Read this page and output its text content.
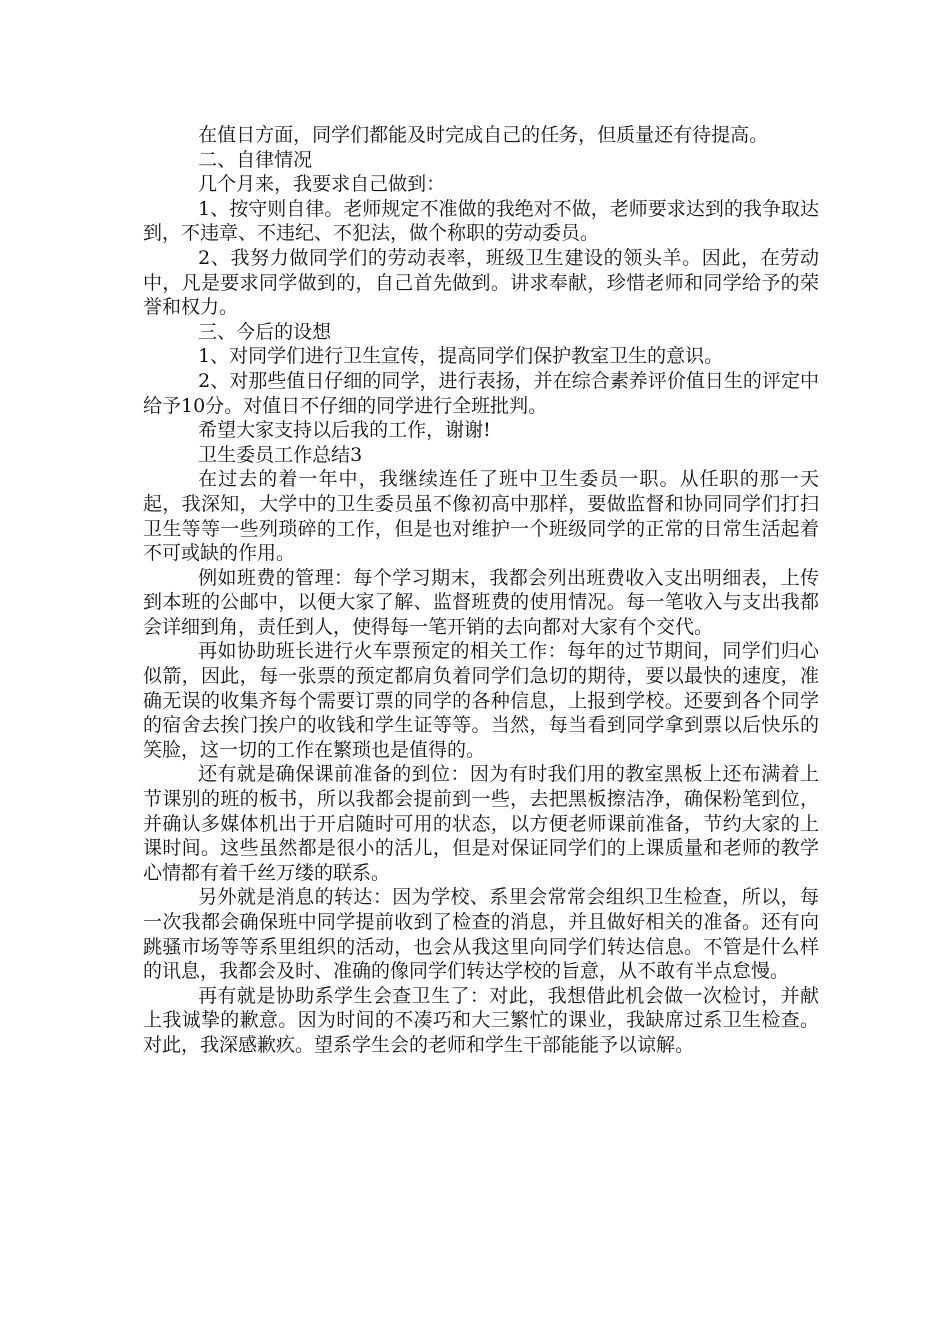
在值日方面，同学们都能及时完成自己的任务，但质量还有待提高。

二、自律情况

几个月来，我要求自己做到：

1、按守则自律。老师规定不准做的我绝对不做，老师要求达到的我争取达到，不违章、不违纪、不犯法，做个称职的劳动委员。

2、我努力做同学们的劳动表率，班级卫生建设的领头羊。因此，在劳动中，凡是要求同学做到的，自己首先做到。讲求奉献，珍惜老师和同学给予的荣誉和权力。

三、今后的设想

1、对同学们进行卫生宣传，提高同学们保护教室卫生的意识。

2、对那些值日仔细的同学，进行表扬，并在综合素养评价值日生的评定中给予10分。对值日不仔细的同学进行全班批判。

希望大家支持以后我的工作，谢谢!

卫生委员工作总结3

在过去的着一年中，我继续连任了班中卫生委员一职。从任职的那一天起，我深知，大学中的卫生委员虽不像初高中那样，要做监督和协同同学们打扫卫生等等一些列琐碎的工作，但是也对维护一个班级同学的正常的日常生活起着不可或缺的作用。

例如班费的管理：每个学习期末，我都会列出班费收入支出明细表，上传到本班的公邮中，以便大家了解、监督班费的使用情况。每一笔收入与支出我都会详细到角，责任到人，使得每一笔开销的去向都对大家有个交代。

再如协助班长进行火车票预定的相关工作：每年的过节期间，同学们归心似箭，因此，每一张票的预定都肩负着同学们急切的期待，要以最快的速度，准确无误的收集齐每个需要订票的同学的各种信息，上报到学校。还要到各个同学的宿舍去挨门挨户的收钱和学生证等等。当然，每当看到同学拿到票以后快乐的笑脸，这一切的工作在繁琐也是值得的。

还有就是确保课前准备的到位：因为有时我们用的教室黑板上还布满着上节课别的班的板书，所以我都会提前到一些，去把黑板擦洁净，确保粉笔到位，并确认多媒体机出于开启随时可用的状态，以方便老师课前准备，节约大家的上课时间。这些虽然都是很小的活儿，但是对保证同学们的上课质量和老师的教学心情都有着千丝万缕的联系。

另外就是消息的转达：因为学校、系里会常常会组织卫生检查，所以，每一次我都会确保班中同学提前收到了检查的消息，并且做好相关的准备。还有向跳骚市场等等系里组织的活动，也会从我这里向同学们转达信息。不管是什么样的讯息，我都会及时、准确的像同学们转达学校的旨意，从不敢有半点怠慢。

再有就是协助系学生会查卫生了：对此，我想借此机会做一次检讨，并献上我诚挚的歉意。因为时间的不凑巧和大三繁忙的课业，我缺席过系卫生检查。对此，我深感歉疚。望系学生会的老师和学生干部能能予以谅解。
